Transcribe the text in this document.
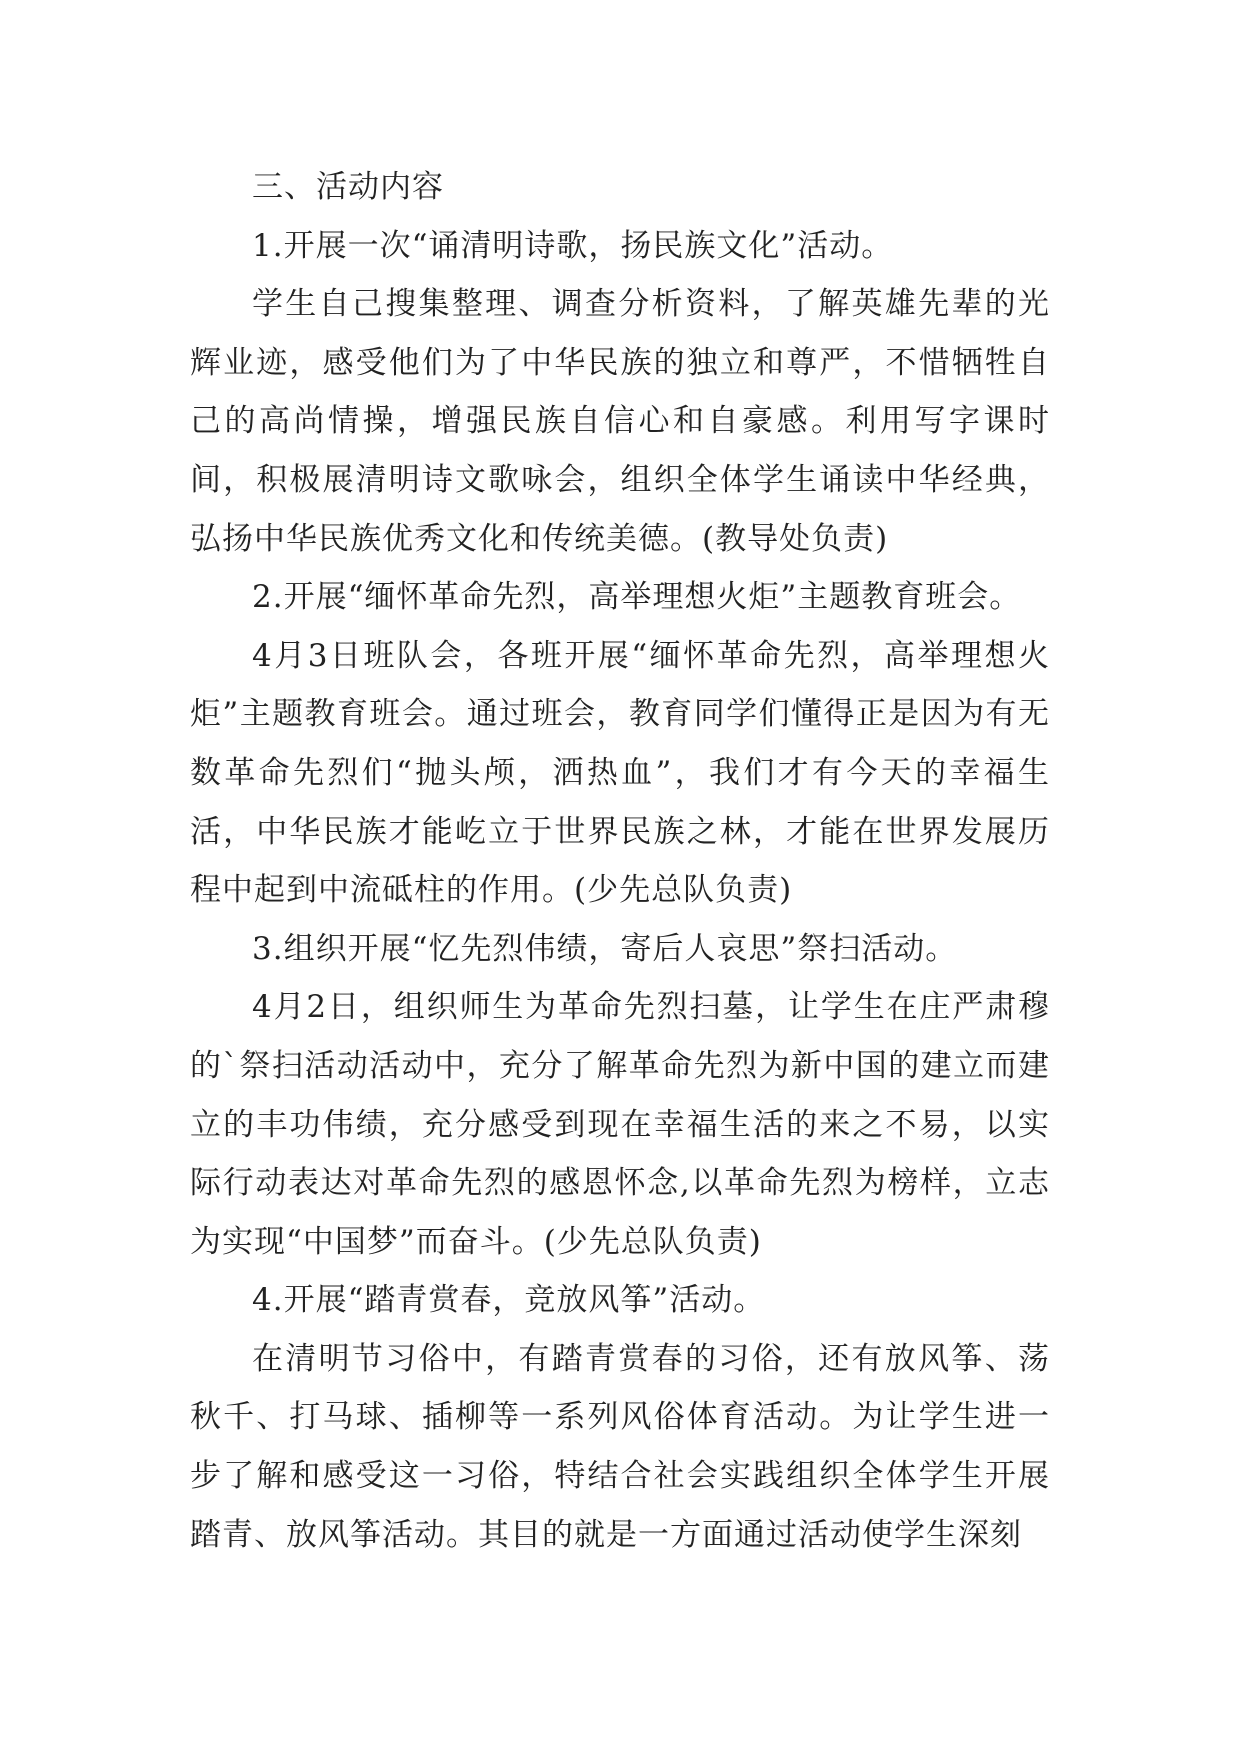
三、活动内容

1.开展一次“诵清明诗歌，扬民族文化”活动。

学生自己搜集整理、调查分析资料，了解英雄先辈的光辉业迹，感受他们为了中华民族的独立和尊严，不惜牺牲自己的高尚情操，增强民族自信心和自豪感。利用写字课时间，积极展清明诗文歌咏会，组织全体学生诵读中华经典，弘扬中华民族优秀文化和传统美德。(教导处负责)

2.开展“缅怀革命先烈，高举理想火炬”主题教育班会。

4月3日班队会，各班开展“缅怀革命先烈，高举理想火炬”主题教育班会。通过班会，教育同学们懂得正是因为有无数革命先烈们“抛头颅，洒热血”，我们才有今天的幸福生活，中华民族才能屹立于世界民族之林，才能在世界发展历程中起到中流砥柱的作用。(少先总队负责)

3.组织开展“忆先烈伟绩，寄后人哀思”祭扫活动。

4月2日，组织师生为革命先烈扫墓，让学生在庄严肃穆的`祭扫活动活动中，充分了解革命先烈为新中国的建立而建立的丰功伟绩，充分感受到现在幸福生活的来之不易，以实际行动表达对革命先烈的感恩怀念,以革命先烈为榜样，立志为实现“中国梦”而奋斗。(少先总队负责)

4.开展“踏青赏春，竞放风筝”活动。

在清明节习俗中，有踏青赏春的习俗，还有放风筝、荡秋千、打马球、插柳等一系列风俗体育活动。为让学生进一步了解和感受这一习俗，特结合社会实践组织全体学生开展踏青、放风筝活动。其目的就是一方面通过活动使学生深刻
